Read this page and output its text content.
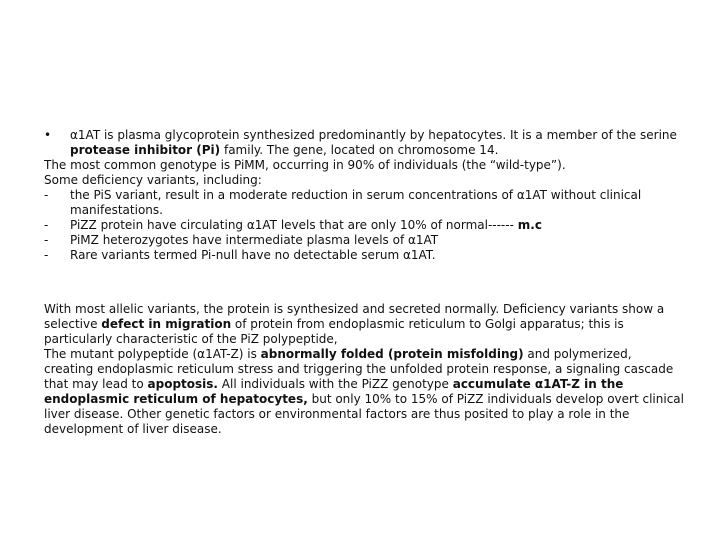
•	α1AT is plasma glycoprotein synthesized predominantly by hepatocytes. It is a member of the serine protease inhibitor (Pi) family. The gene, located on chromosome 14.
The most common genotype is PiMM, occurring in 90% of individuals (the “wild-type”).
Some deficiency variants, including:
-	the PiS variant, result in a moderate reduction in serum concentrations of α1AT without clinical manifestations.
-	PiZZ protein have circulating α1AT levels that are only 10% of normal------ m.c
-	PiMZ heterozygotes have intermediate plasma levels of α1AT
-	Rare variants termed Pi-null have no detectable serum α1AT.

With most allelic variants, the protein is synthesized and secreted normally. Deficiency variants show a selective defect in migration of protein from endoplasmic reticulum to Golgi apparatus; this is particularly characteristic of the PiZ polypeptide,

The mutant polypeptide (α1AT-Z) is abnormally folded (protein misfolding) and polymerized, creating endoplasmic reticulum stress and triggering the unfolded protein response, a signaling cascade that may lead to apoptosis. All individuals with the PiZZ genotype accumulate α1AT-Z in the endoplasmic reticulum of hepatocytes, but only 10% to 15% of PiZZ individuals develop overt clinical liver disease. Other genetic factors or environmental factors are thus posited to play a role in the development of liver disease.
